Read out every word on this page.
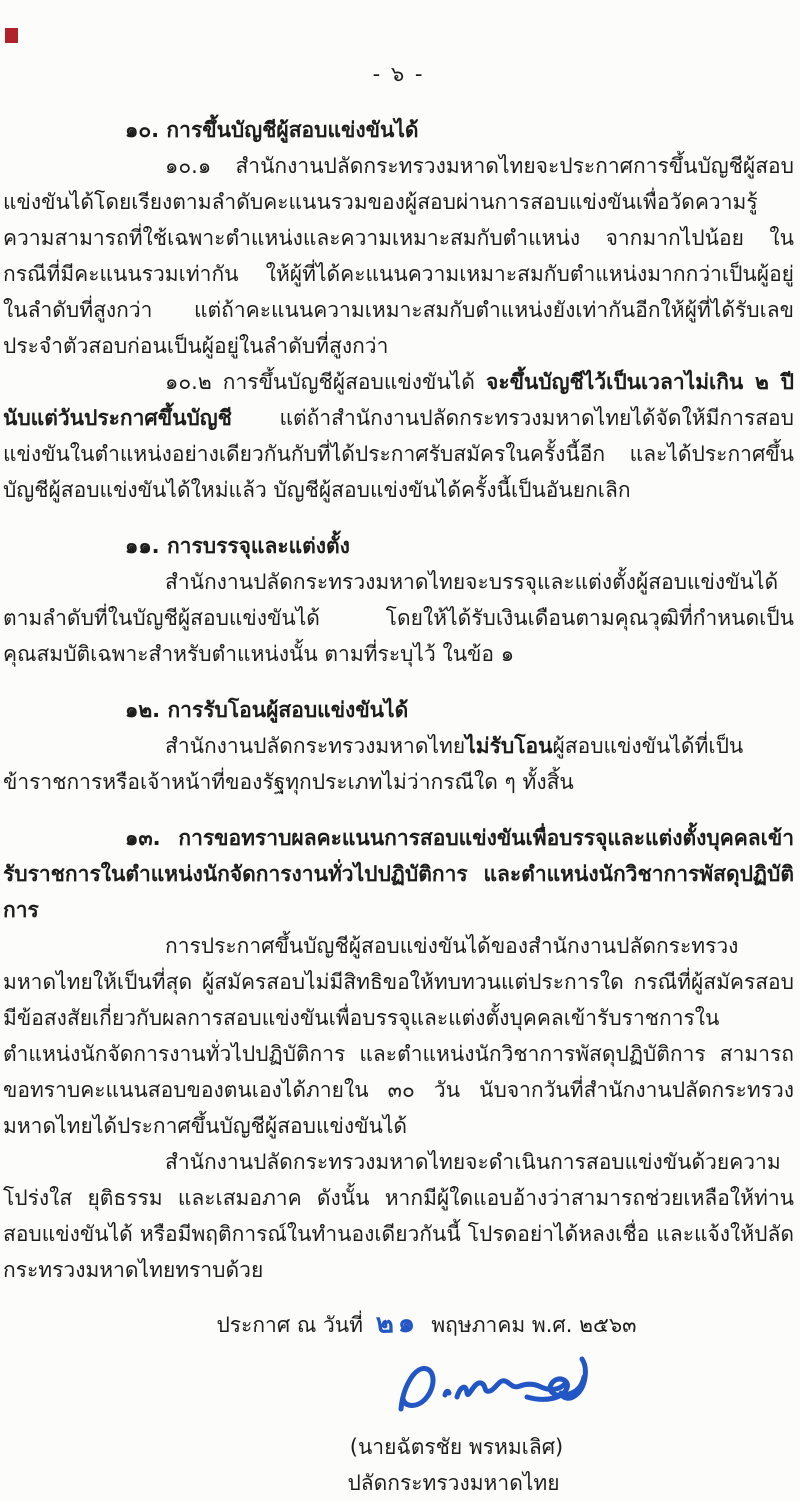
- ๖ -
๑๐. การขึ้นบัญชีผู้สอบแข่งขันได้
๑๐.๑ สำนักงานปลัดกระทรวงมหาดไทยจะประกาศการขึ้นบัญชีผู้สอบแข่งขันได้โดยเรียงตามลำดับคะแนนรวมของผู้สอบผ่านการสอบแข่งขันเพื่อวัดความรู้ความสามารถที่ใช้เฉพาะตำแหน่งและความเหมาะสมกับตำแหน่ง จากมากไปน้อย ในกรณีที่มีคะแนนรวมเท่ากัน ให้ผู้ที่ได้คะแนนความเหมาะสมกับตำแหน่งมากกว่าเป็นผู้อยู่ในลำดับที่สูงกว่า แต่ถ้าคะแนนความเหมาะสมกับตำแหน่งยังเท่ากันอีกให้ผู้ที่ได้รับเลขประจำตัวสอบก่อนเป็นผู้อยู่ในลำดับที่สูงกว่า
๑๐.๒ การขึ้นบัญชีผู้สอบแข่งขันได้ จะขึ้นบัญชีไว้เป็นเวลาไม่เกิน ๒ ปี นับแต่วันประกาศขึ้นบัญชี แต่ถ้าสำนักงานปลัดกระทรวงมหาดไทยได้จัดให้มีการสอบแข่งขันในตำแหน่งอย่างเดียวกันกับที่ได้ประกาศรับสมัครในครั้งนี้อีก และได้ประกาศขึ้นบัญชีผู้สอบแข่งขันได้ใหม่แล้ว บัญชีผู้สอบแข่งขันได้ครั้งนี้เป็นอันยกเลิก
๑๑. การบรรจุและแต่งตั้ง
สำนักงานปลัดกระทรวงมหาดไทยจะบรรจุและแต่งตั้งผู้สอบแข่งขันได้ตามลำดับที่ในบัญชีผู้สอบแข่งขันได้ โดยให้ได้รับเงินเดือนตามคุณวุฒิที่กำหนดเป็นคุณสมบัติเฉพาะสำหรับตำแหน่งนั้น ตามที่ระบุไว้ ในข้อ ๑
๑๒. การรับโอนผู้สอบแข่งขันได้
สำนักงานปลัดกระทรวงมหาดไทยไม่รับโอนผู้สอบแข่งขันได้ที่เป็นข้าราชการหรือเจ้าหน้าที่ของรัฐทุกประเภทไม่ว่ากรณีใด ๆ ทั้งสิ้น
๑๓. การขอทราบผลคะแนนการสอบแข่งขันเพื่อบรรจุและแต่งตั้งบุคคลเข้ารับราชการในตำแหน่งนักจัดการงานทั่วไปปฏิบัติการ และตำแหน่งนักวิชาการพัสดุปฏิบัติการ
การประกาศขึ้นบัญชีผู้สอบแข่งขันได้ของสำนักงานปลัดกระทรวงมหาดไทยให้เป็นที่สุด ผู้สมัครสอบไม่มีสิทธิขอให้ทบทวนแต่ประการใด กรณีที่ผู้สมัครสอบมีข้อสงสัยเกี่ยวกับผลการสอบแข่งขันเพื่อบรรจุและแต่งตั้งบุคคลเข้ารับราชการในตำแหน่งนักจัดการงานทั่วไปปฏิบัติการ และตำแหน่งนักวิชาการพัสดุปฏิบัติการ สามารถขอทราบคะแนนสอบของตนเองได้ภายใน ๓๐ วัน นับจากวันที่สำนักงานปลัดกระทรวงมหาดไทยได้ประกาศขึ้นบัญชีผู้สอบแข่งขันได้
สำนักงานปลัดกระทรวงมหาดไทยจะดำเนินการสอบแข่งขันด้วยความโปร่งใส ยุติธรรม และเสมอภาค ดังนั้น หากมีผู้ใดแอบอ้างว่าสามารถช่วยเหลือให้ท่านสอบแข่งขันได้ หรือมีพฤติการณ์ในทำนองเดียวกันนี้ โปรดอย่าได้หลงเชื่อ และแจ้งให้ปลัดกระทรวงมหาดไทยทราบด้วย
ประกาศ ณ วันที่ ๒๑ พฤษภาคม พ.ศ. ๒๕๖๓
(นายฉัตรชัย พรหมเลิศ)
ปลัดกระทรวงมหาดไทย
